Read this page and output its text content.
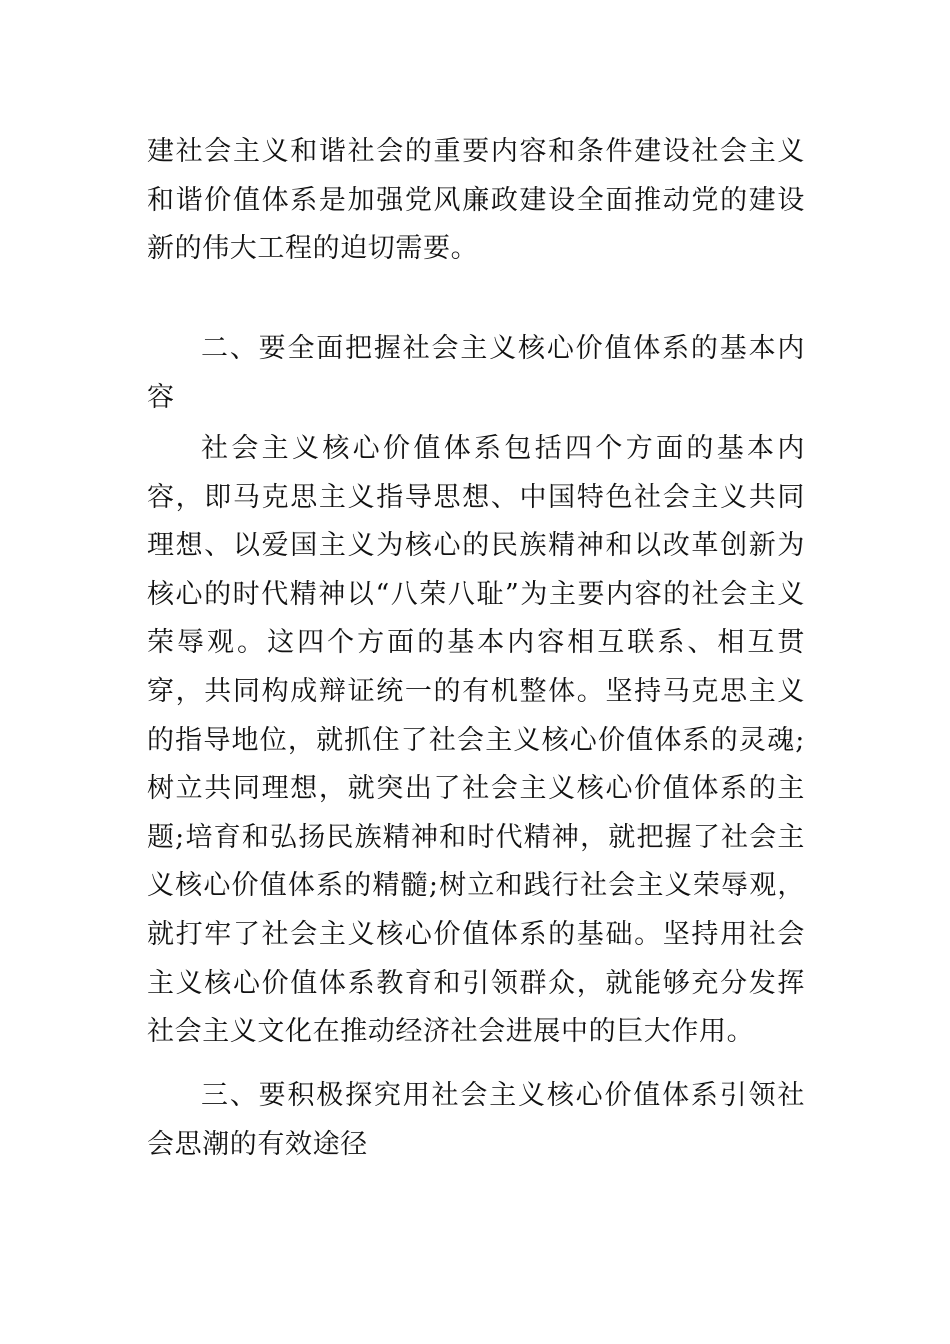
建社会主义和谐社会的重要内容和条件建设社会主义和谐价值体系是加强党风廉政建设全面推动党的建设新的伟大工程的迫切需要。

二、要全面把握社会主义核心价值体系的基本内容

社会主义核心价值体系包括四个方面的基本内容，即马克思主义指导思想、中国特色社会主义共同理想、以爱国主义为核心的民族精神和以改革创新为核心的时代精神以“八荣八耻”为主要内容的社会主义荣辱观。这四个方面的基本内容相互联系、相互贯穿，共同构成辩证统一的有机整体。坚持马克思主义的指导地位，就抓住了社会主义核心价值体系的灵魂;树立共同理想，就突出了社会主义核心价值体系的主题;培育和弘扬民族精神和时代精神，就把握了社会主义核心价值体系的精髓;树立和践行社会主义荣辱观，就打牢了社会主义核心价值体系的基础。坚持用社会主义核心价值体系教育和引领群众，就能够充分发挥社会主义文化在推动经济社会进展中的巨大作用。

三、要积极探究用社会主义核心价值体系引领社会思潮的有效途径
